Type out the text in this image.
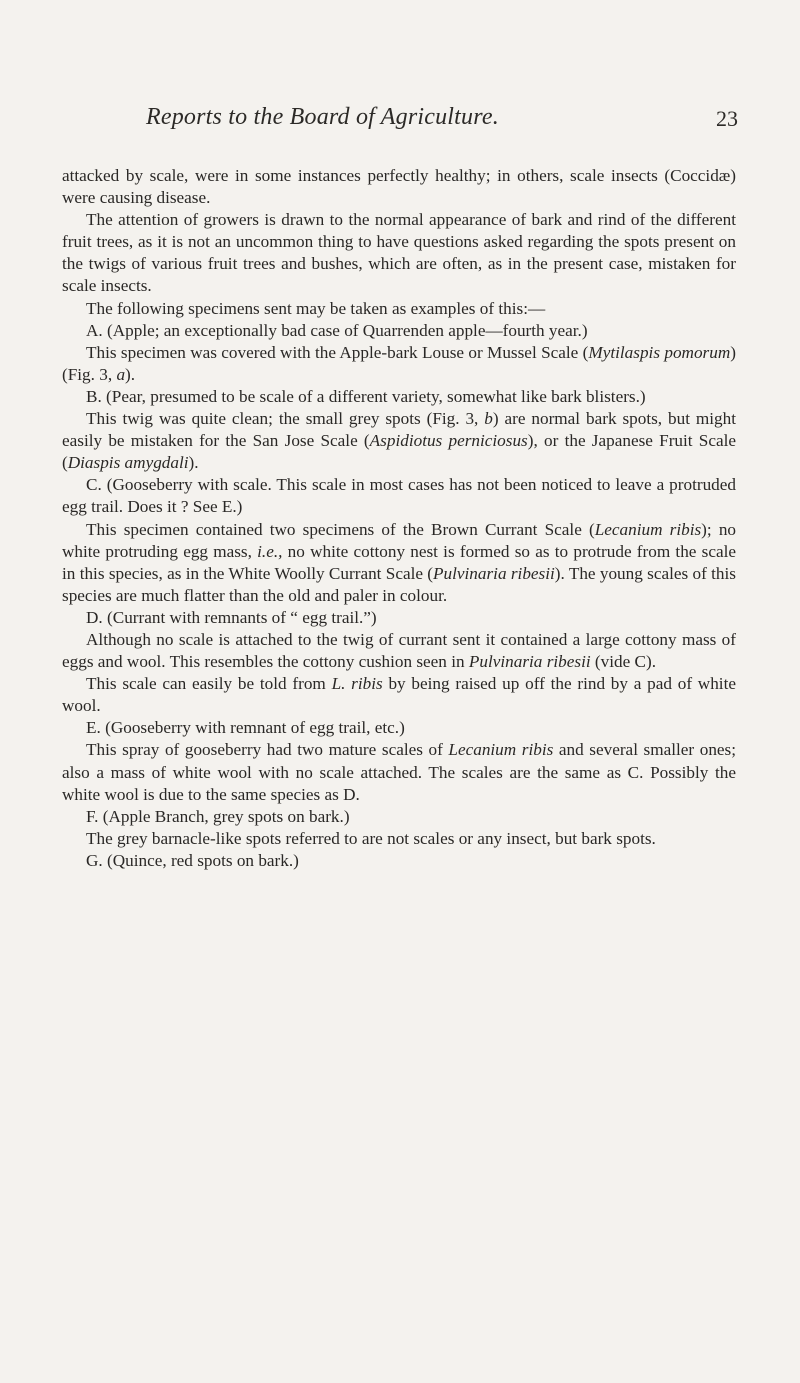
Reports to the Board of Agriculture.	23

attacked by scale, were in some instances perfectly healthy; in others, scale insects (Coccidæ) were causing disease.

The attention of growers is drawn to the normal appearance of bark and rind of the different fruit trees, as it is not an uncommon thing to have questions asked regarding the spots present on the twigs of various fruit trees and bushes, which are often, as in the present case, mistaken for scale insects.

The following specimens sent may be taken as examples of this:—

A. (Apple; an exceptionally bad case of Quarrenden apple—fourth year.)

This specimen was covered with the Apple-bark Louse or Mussel Scale (Mytilaspis pomorum) (Fig. 3, a).

B. (Pear, presumed to be scale of a different variety, somewhat like bark blisters.)

This twig was quite clean; the small grey spots (Fig. 3, b) are normal bark spots, but might easily be mistaken for the San Jose Scale (Aspidiotus perniciosus), or the Japanese Fruit Scale (Diaspis amygdali).

C. (Gooseberry with scale. This scale in most cases has not been noticed to leave a protruded egg trail. Does it ? See E.)

This specimen contained two specimens of the Brown Currant Scale (Lecanium ribis); no white protruding egg mass, i.e., no white cottony nest is formed so as to protrude from the scale in this species, as in the White Woolly Currant Scale (Pulvinaria ribesii). The young scales of this species are much flatter than the old and paler in colour.

D. (Currant with remnants of “ egg trail.”)

Although no scale is attached to the twig of currant sent it contained a large cottony mass of eggs and wool. This resembles the cottony cushion seen in Pulvinaria ribesii (vide C).

This scale can easily be told from L. ribis by being raised up off the rind by a pad of white wool.

E. (Gooseberry with remnant of egg trail, etc.)

This spray of gooseberry had two mature scales of Lecanium ribis and several smaller ones; also a mass of white wool with no scale attached. The scales are the same as C. Possibly the white wool is due to the same species as D.

F. (Apple Branch, grey spots on bark.)

The grey barnacle-like spots referred to are not scales or any insect, but bark spots.

G. (Quince, red spots on bark.)
